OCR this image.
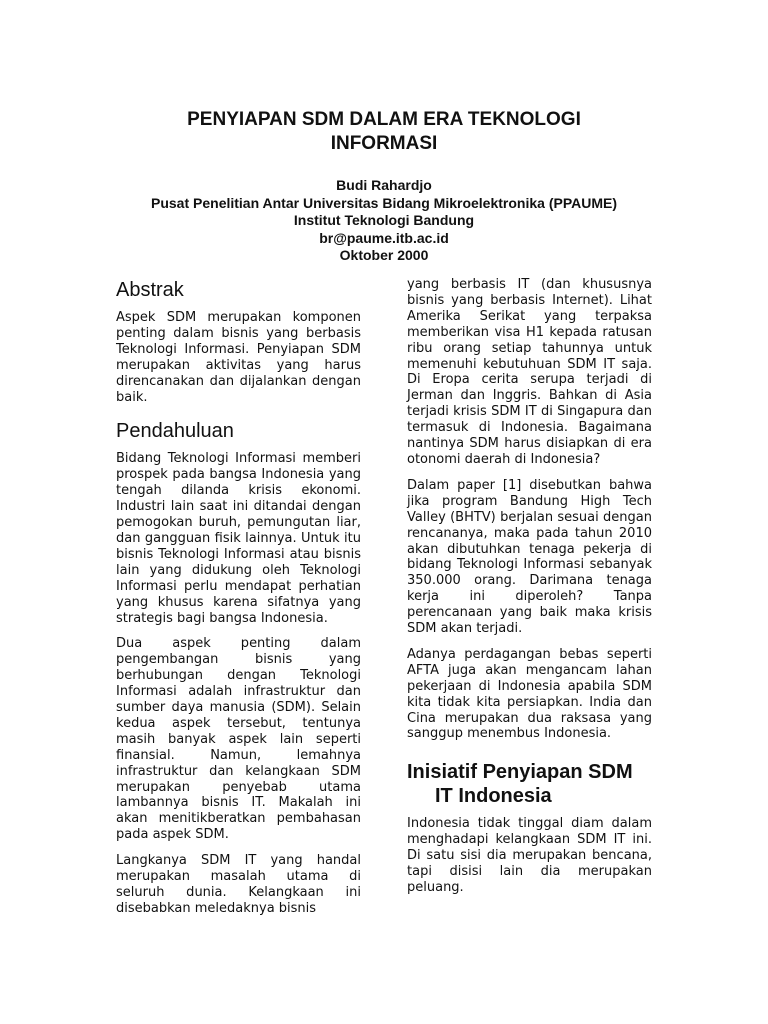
PENYIAPAN SDM DALAM ERA TEKNOLOGI INFORMASI
Budi Rahardjo
Pusat Penelitian Antar Universitas Bidang Mikroelektronika (PPAUME)
Institut Teknologi Bandung
br@paume.itb.ac.id
Oktober 2000
Abstrak

Aspek SDM merupakan komponen penting dalam bisnis yang berbasis Teknologi Informasi. Penyiapan SDM merupakan aktivitas yang harus direncanakan dan dijalankan dengan baik.

Pendahuluan

Bidang Teknologi Informasi memberi prospek pada bangsa Indonesia yang tengah dilanda krisis ekonomi. Industri lain saat ini ditandai dengan pemogokan buruh, pemungutan liar, dan gangguan fisik lainnya. Untuk itu bisnis Teknologi Informasi atau bisnis lain yang didukung oleh Teknologi Informasi perlu mendapat perhatian yang khusus karena sifatnya yang strategis bagi bangsa Indonesia.

Dua aspek penting dalam pengembangan bisnis yang berhubungan dengan Teknologi Informasi adalah infrastruktur dan sumber daya manusia (SDM). Selain kedua aspek tersebut, tentunya masih banyak aspek lain seperti finansial. Namun, lemahnya infrastruktur dan kelangkaan SDM merupakan penyebab utama lambannya bisnis IT. Makalah ini akan menitikberatkan pembahasan pada aspek SDM.

Langkanya SDM IT yang handal merupakan masalah utama di seluruh dunia. Kelangkaan ini disebabkan meledaknya bisnis

yang berbasis IT (dan khususnya bisnis yang berbasis Internet). Lihat Amerika Serikat yang terpaksa memberikan visa H1 kepada ratusan ribu orang setiap tahunnya untuk memenuhi kebutuhuan SDM IT saja. Di Eropa cerita serupa terjadi di Jerman dan Inggris. Bahkan di Asia terjadi krisis SDM IT di Singapura dan termasuk di Indonesia. Bagaimana nantinya SDM harus disiapkan di era otonomi daerah di Indonesia?

Dalam paper [1] disebutkan bahwa jika program Bandung High Tech Valley (BHTV) berjalan sesuai dengan rencananya, maka pada tahun 2010 akan dibutuhkan tenaga pekerja di bidang Teknologi Informasi sebanyak 350.000 orang. Darimana tenaga kerja ini diperoleh? Tanpa perencanaan yang baik maka krisis SDM akan terjadi.

Adanya perdagangan bebas seperti AFTA juga akan mengancam lahan pekerjaan di Indonesia apabila SDM kita tidak kita persiapkan. India dan Cina merupakan dua raksasa yang sanggup menembus Indonesia.

Inisiatif Penyiapan SDM
IT Indonesia

Indonesia tidak tinggal diam dalam menghadapi kelangkaan SDM IT ini. Di satu sisi dia merupakan bencana, tapi disisi lain dia merupakan peluang.
